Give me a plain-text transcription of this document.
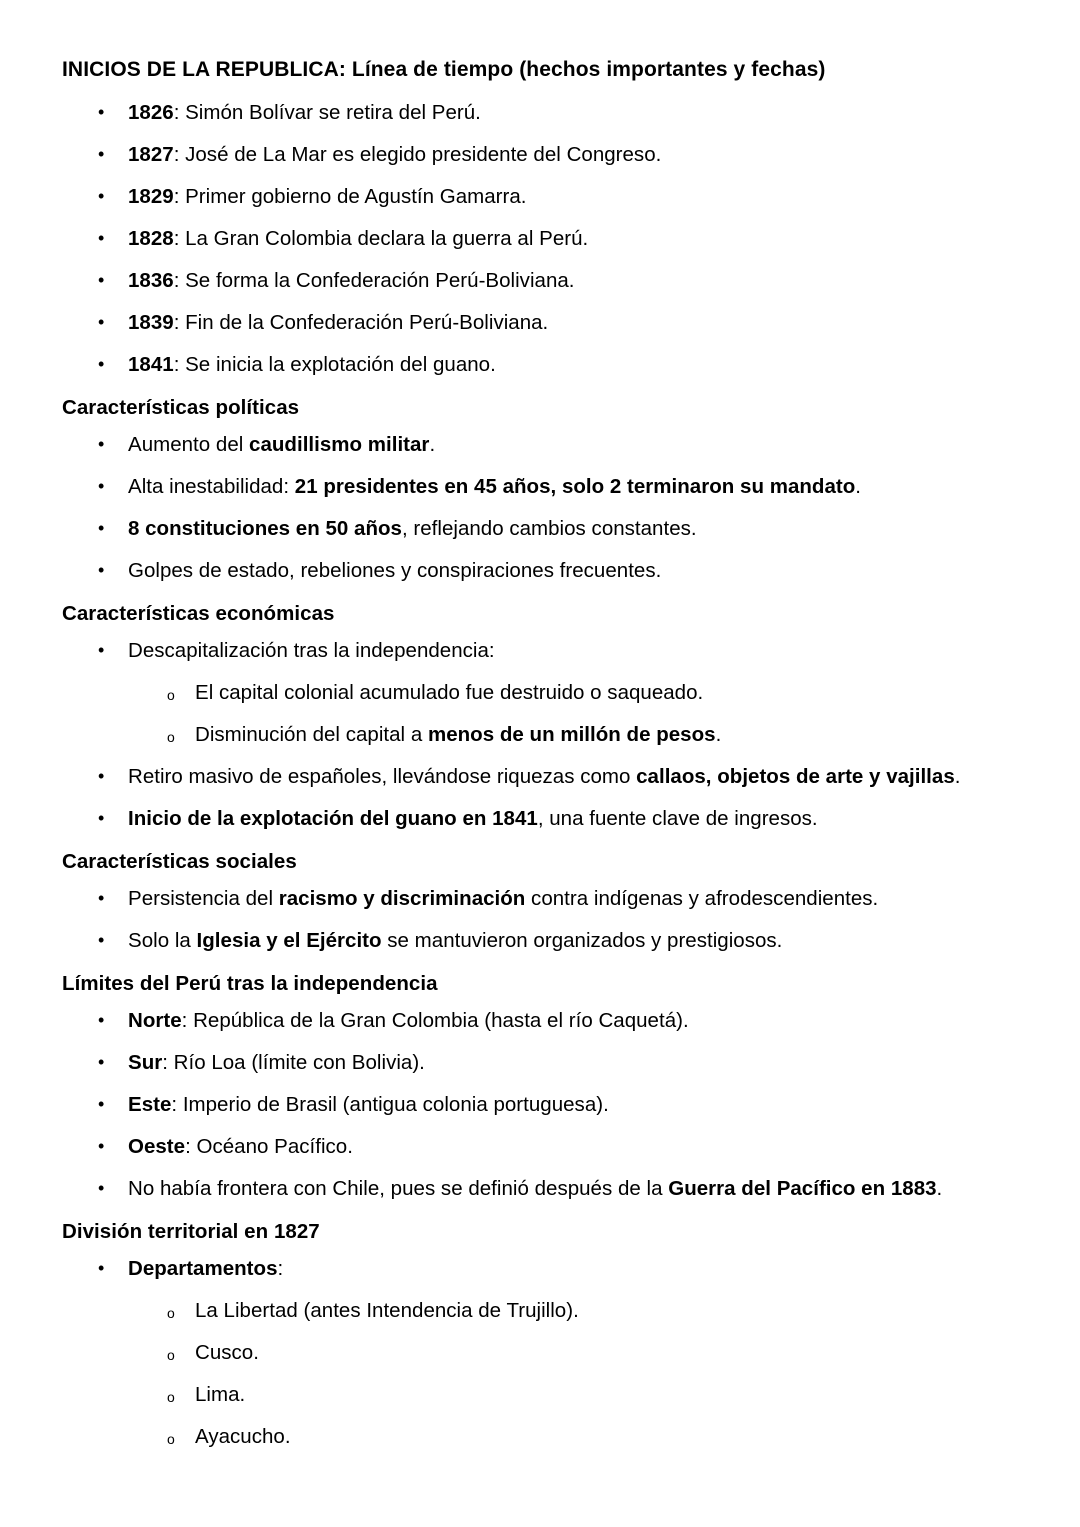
INICIOS DE LA REPUBLICA: Línea de tiempo (hechos importantes y fechas)
• 1826: Simón Bolívar se retira del Perú.
• 1827: José de La Mar es elegido presidente del Congreso.
• 1829: Primer gobierno de Agustín Gamarra.
• 1828: La Gran Colombia declara la guerra al Perú.
• 1836: Se forma la Confederación Perú-Boliviana.
• 1839: Fin de la Confederación Perú-Boliviana.
• 1841: Se inicia la explotación del guano.
Características políticas
• Aumento del caudillismo militar.
• Alta inestabilidad: 21 presidentes en 45 años, solo 2 terminaron su mandato.
• 8 constituciones en 50 años, reflejando cambios constantes.
• Golpes de estado, rebeliones y conspiraciones frecuentes.
Características económicas
• Descapitalización tras la independencia:
o El capital colonial acumulado fue destruido o saqueado.
o Disminución del capital a menos de un millón de pesos.
• Retiro masivo de españoles, llevándose riquezas como callaos, objetos de arte y vajillas.
• Inicio de la explotación del guano en 1841, una fuente clave de ingresos.
Características sociales
• Persistencia del racismo y discriminación contra indígenas y afrodescendientes.
• Solo la Iglesia y el Ejército se mantuvieron organizados y prestigiosos.
Límites del Perú tras la independencia
• Norte: República de la Gran Colombia (hasta el río Caquetá).
• Sur: Río Loa (límite con Bolivia).
• Este: Imperio de Brasil (antigua colonia portuguesa).
• Oeste: Océano Pacífico.
• No había frontera con Chile, pues se definió después de la Guerra del Pacífico en 1883.
División territorial en 1827
• Departamentos:
o La Libertad (antes Intendencia de Trujillo).
o Cusco.
o Lima.
o Ayacucho.
